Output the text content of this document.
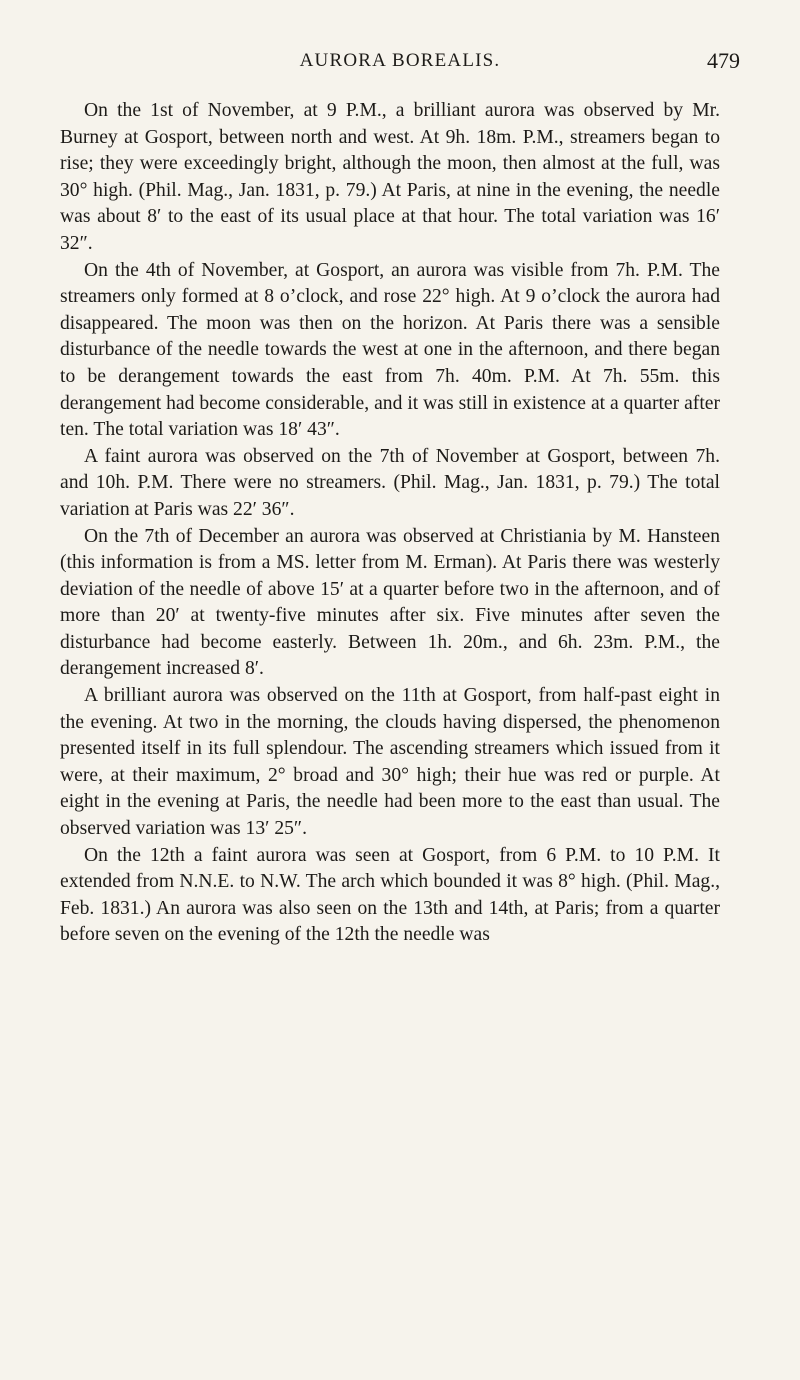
AURORA BOREALIS.	479

On the 1st of November, at 9 P.M., a brilliant aurora was observed by Mr. Burney at Gosport, between north and west. At 9h. 18m. P.M., streamers began to rise; they were exceedingly bright, although the moon, then almost at the full, was 30° high. (Phil. Mag., Jan. 1831, p. 79.) At Paris, at nine in the evening, the needle was about 8′ to the east of its usual place at that hour. The total variation was 16′ 32″.

On the 4th of November, at Gosport, an aurora was visible from 7h. P.M. The streamers only formed at 8 o’clock, and rose 22° high. At 9 o’clock the aurora had disappeared. The moon was then on the horizon. At Paris there was a sensible disturbance of the needle towards the west at one in the afternoon, and there began to be derangement towards the east from 7h. 40m. P.M. At 7h. 55m. this derangement had become considerable, and it was still in existence at a quarter after ten. The total variation was 18′ 43″.

A faint aurora was observed on the 7th of November at Gosport, between 7h. and 10h. P.M. There were no streamers. (Phil. Mag., Jan. 1831, p. 79.) The total variation at Paris was 22′ 36″.

On the 7th of December an aurora was observed at Christiania by M. Hansteen (this information is from a MS. letter from M. Erman). At Paris there was westerly deviation of the needle of above 15′ at a quarter before two in the afternoon, and of more than 20′ at twenty-five minutes after six. Five minutes after seven the disturbance had become easterly. Between 1h. 20m., and 6h. 23m. P.M., the derangement increased 8′.

A brilliant aurora was observed on the 11th at Gosport, from half-past eight in the evening. At two in the morning, the clouds having dispersed, the phenomenon presented itself in its full splendour. The ascending streamers which issued from it were, at their maximum, 2° broad and 30° high; their hue was red or purple. At eight in the evening at Paris, the needle had been more to the east than usual. The observed variation was 13′ 25″.

On the 12th a faint aurora was seen at Gosport, from 6 P.M. to 10 P.M. It extended from N.N.E. to N.W. The arch which bounded it was 8° high. (Phil. Mag., Feb. 1831.) An aurora was also seen on the 13th and 14th, at Paris; from a quarter before seven on the evening of the 12th the needle was
